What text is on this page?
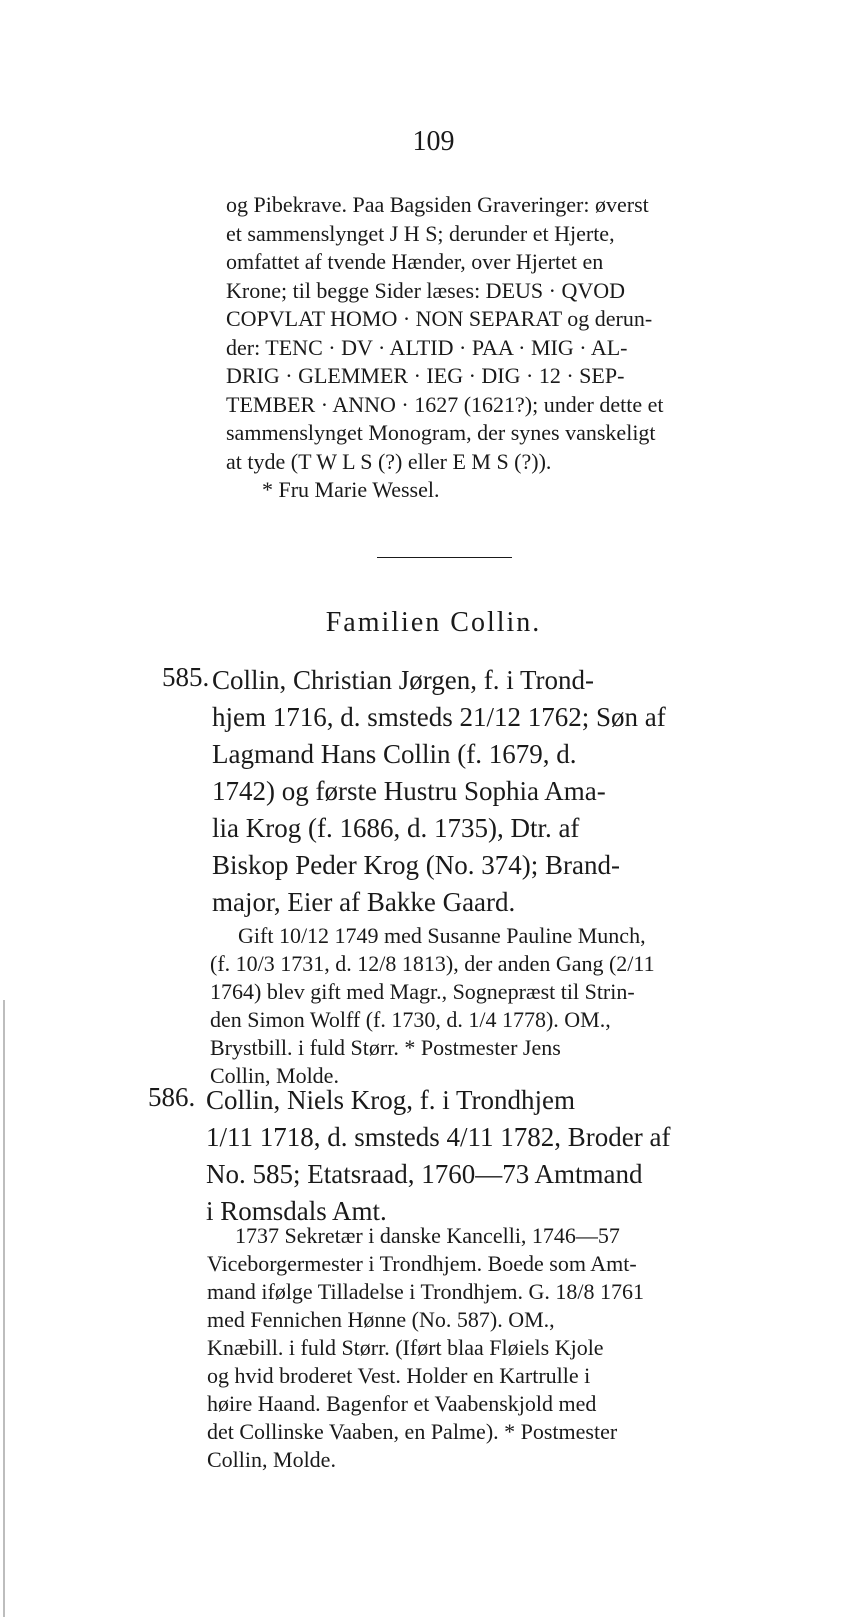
109
og Pibekrave. Paa Bagsiden Graveringer: øverst
et sammenslynget J H S; derunder et Hjerte,
omfattet af tvende Hænder, over Hjertet en
Krone; til begge Sider læses: DEUS · QVOD
COPVLAT HOMO · NON SEPARAT og derun-
der: TENC · DV · ALTID · PAA · MIG · AL-
DRIG · GLEMMER · IEG · DIG · 12 · SEP-
TEMBER · ANNO · 1627 (1621?); under dette et
sammenslynget Monogram, der synes vanskeligt
at tyde (T W L S (?) eller E M S (?)).
* Fru Marie Wessel.
Familien Collin.
585. Collin, Christian Jørgen, f. i Trond-
hjem 1716, d. smsteds 21/12 1762; Søn af
Lagmand Hans Collin (f. 1679, d.
1742) og første Hustru Sophia Ama-
lia Krog (f. 1686, d. 1735), Dtr. af
Biskop Peder Krog (No. 374); Brand-
major, Eier af Bakke Gaard.
Gift 10/12 1749 med Susanne Pauline Munch,
(f. 10/3 1731, d. 12/8 1813), der anden Gang (2/11
1764) blev gift med Magr., Sognepræst til Strin-
den Simon Wolff (f. 1730, d. 1/4 1778). OM.,
Brystbill. i fuld Størr. * Postmester Jens
Collin, Molde.
586. Collin, Niels Krog, f. i Trondhjem
1/11 1718, d. smsteds 4/11 1782, Broder af
No. 585; Etatsraad, 1760—73 Amtmand
i Romsdals Amt.
1737 Sekretær i danske Kancelli, 1746—57
Viceborgermester i Trondhjem. Boede som Amt-
mand ifølge Tilladelse i Trondhjem. G. 18/8 1761
med Fennichen Hønne (No. 587). OM.,
Knæbill. i fuld Størr. (Iført blaa Fløiels Kjole
og hvid broderet Vest. Holder en Kartrulle i
høire Haand. Bagenfor et Vaabenskjold med
det Collinske Vaaben, en Palme). * Postmester
Collin, Molde.
